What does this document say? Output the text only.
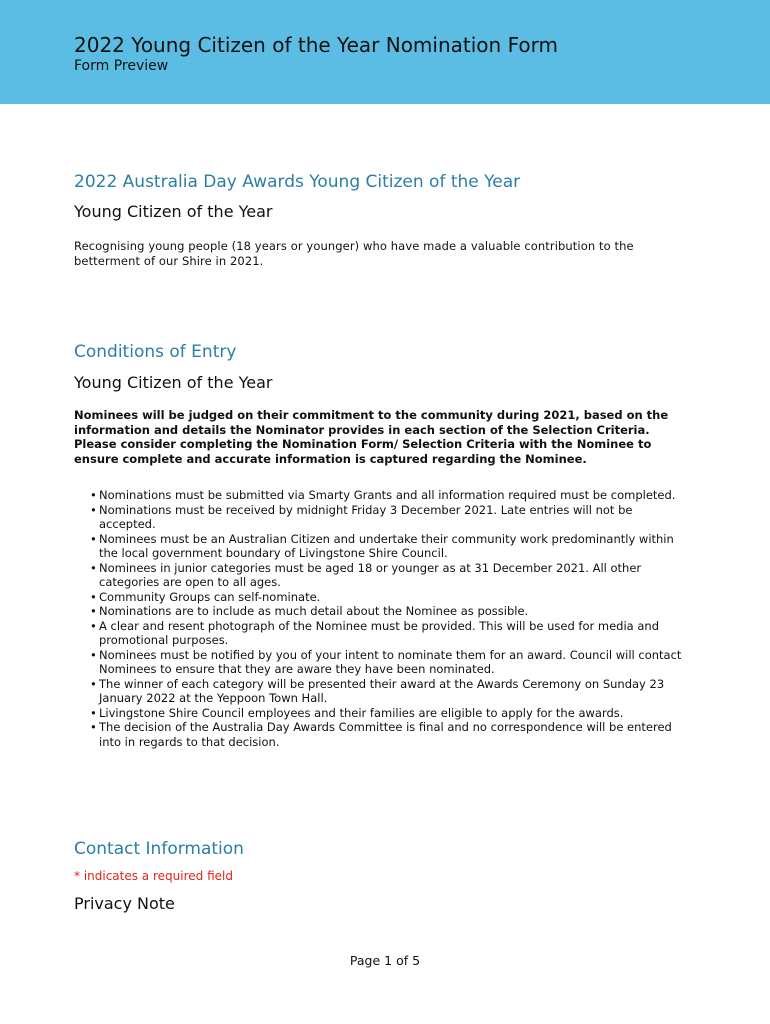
2022 Young Citizen of the Year Nomination Form
Form Preview
2022 Australia Day Awards Young Citizen of the Year
Young Citizen of the Year
Recognising young people (18 years or younger) who have made a valuable contribution to the betterment of our Shire in 2021.
Conditions of Entry
Young Citizen of the Year
Nominees will be judged on their commitment to the community during 2021, based on the information and details the Nominator provides in each section of the Selection Criteria. Please consider completing the Nomination Form/ Selection Criteria with the Nominee to ensure complete and accurate information is captured regarding the Nominee.
• Nominations must be submitted via Smarty Grants and all information required must be completed.
• Nominations must be received by midnight Friday 3 December 2021. Late entries will not be accepted.
• Nominees must be an Australian Citizen and undertake their community work predominantly within the local government boundary of Livingstone Shire Council.
• Nominees in junior categories must be aged 18 or younger as at 31 December 2021. All other categories are open to all ages.
• Community Groups can self-nominate.
• Nominations are to include as much detail about the Nominee as possible.
• A clear and resent photograph of the Nominee must be provided. This will be used for media and promotional purposes.
• Nominees must be notified by you of your intent to nominate them for an award. Council will contact Nominees to ensure that they are aware they have been nominated.
• The winner of each category will be presented their award at the Awards Ceremony on Sunday 23 January 2022 at the Yeppoon Town Hall.
• Livingstone Shire Council employees and their families are eligible to apply for the awards.
• The decision of the Australia Day Awards Committee is final and no correspondence will be entered into in regards to that decision.
Contact Information
* indicates a required field
Privacy Note
Page 1 of 5
